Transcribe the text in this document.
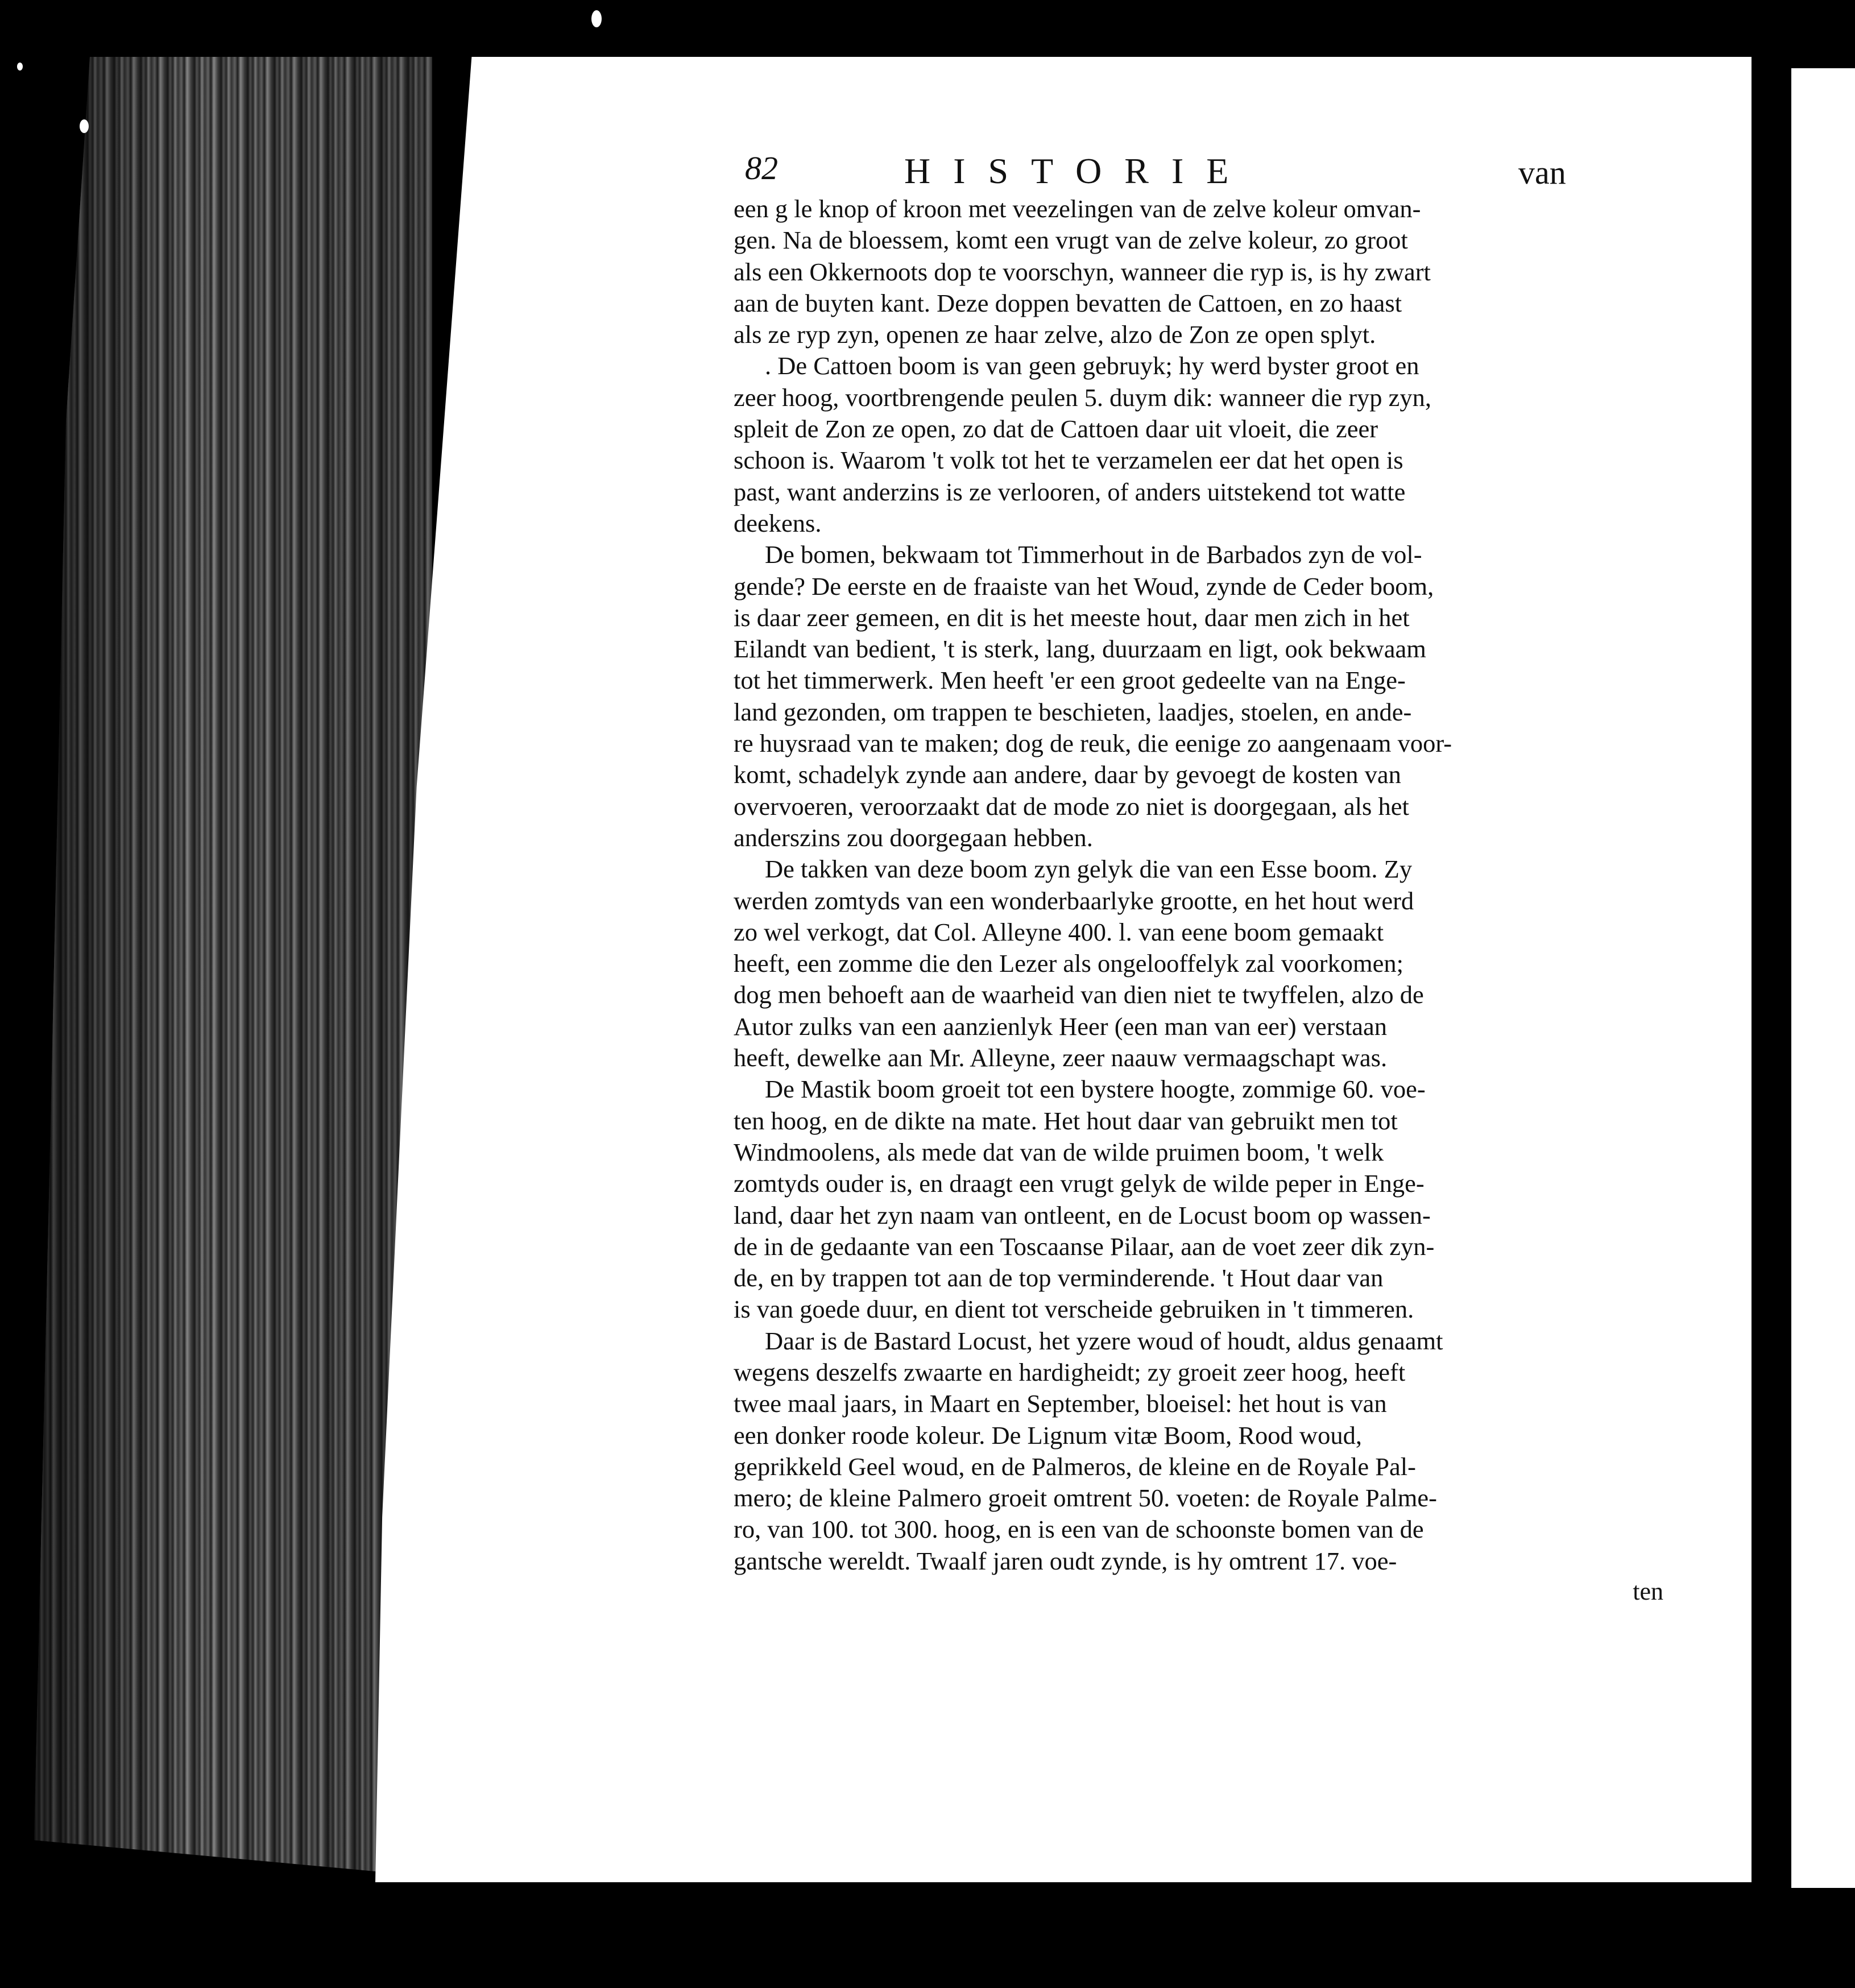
82	HISTORIE	van
een g le knop of kroon met veezelingen van de zelve koleur omvan-
gen. Na de bloessem, komt een vrugt van de zelve koleur, zo groot
als een Okkernoots dop te voorschyn, wanneer die ryp is, is hy zwart
aan de buyten kant. Deze doppen bevatten de Cattoen, en zo haast
als ze ryp zyn, openen ze haar zelve, alzo de Zon ze open splyt.
. De Cattoen boom is van geen gebruyk; hy werd byster groot en
zeer hoog, voortbrengende peulen 5. duym dik: wanneer die ryp zyn,
spleit de Zon ze open, zo dat de Cattoen daar uit vloeit, die zeer
schoon is. Waarom 't volk tot het te verzamelen eer dat het open is
past, want anderzins is ze verlooren, of anders uitstekend tot watte
deekens.
De bomen, bekwaam tot Timmerhout in de Barbados zyn de vol-
gende? De eerste en de fraaiste van het Woud, zynde de Ceder boom,
is daar zeer gemeen, en dit is het meeste hout, daar men zich in het
Eilandt van bedient, 't is sterk, lang, duurzaam en ligt, ook bekwaam
tot het timmerwerk. Men heeft 'er een groot gedeelte van na Enge-
land gezonden, om trappen te beschieten, laadjes, stoelen, en ande-
re huysraad van te maken; dog de reuk, die eenige zo aangenaam voor-
komt, schadelyk zynde aan andere, daar by gevoegt de kosten van
overvoeren, veroorzaakt dat de mode zo niet is doorgegaan, als het
anderszins zou doorgegaan hebben.
De takken van deze boom zyn gelyk die van een Esse boom. Zy
werden zomtyds van een wonderbaarlyke grootte, en het hout werd
zo wel verkogt, dat Col. Alleyne 400. l. van eene boom gemaakt
heeft, een zomme die den Lezer als ongelooffelyk zal voorkomen;
dog men behoeft aan de waarheid van dien niet te twyffelen, alzo de
Autor zulks van een aanzienlyk Heer (een man van eer) verstaan
heeft, dewelke aan Mr. Alleyne, zeer naauw vermaagschapt was.
De Mastik boom groeit tot een bystere hoogte, zommige 60. voe-
ten hoog, en de dikte na mate. Het hout daar van gebruikt men tot
Windmoolens, als mede dat van de wilde pruimen boom, 't welk
zomtyds ouder is, en draagt een vrugt gelyk de wilde peper in Enge-
land, daar het zyn naam van ontleent, en de Locust boom op wassen-
de in de gedaante van een Toscaanse Pilaar, aan de voet zeer dik zyn-
de, en by trappen tot aan de top verminderende. 't Hout daar van
is van goede duur, en dient tot verscheide gebruiken in 't timmeren.
Daar is de Bastard Locust, het yzere woud of houdt, aldus genaamt
wegens deszelfs zwaarte en hardigheidt; zy groeit zeer hoog, heeft
twee maal jaars, in Maart en September, bloeisel: het hout is van
een donker roode koleur. De Lignum vitæ Boom, Rood woud,
geprikkeld Geel woud, en de Palmeros, de kleine en de Royale Pal-
mero; de kleine Palmero groeit omtrent 50. voeten: de Royale Palme-
ro, van 100. tot 300. hoog, en is een van de schoonste bomen van de
gantsche wereldt. Twaalf jaren oudt zynde, is hy omtrent 17. voe-
ten
